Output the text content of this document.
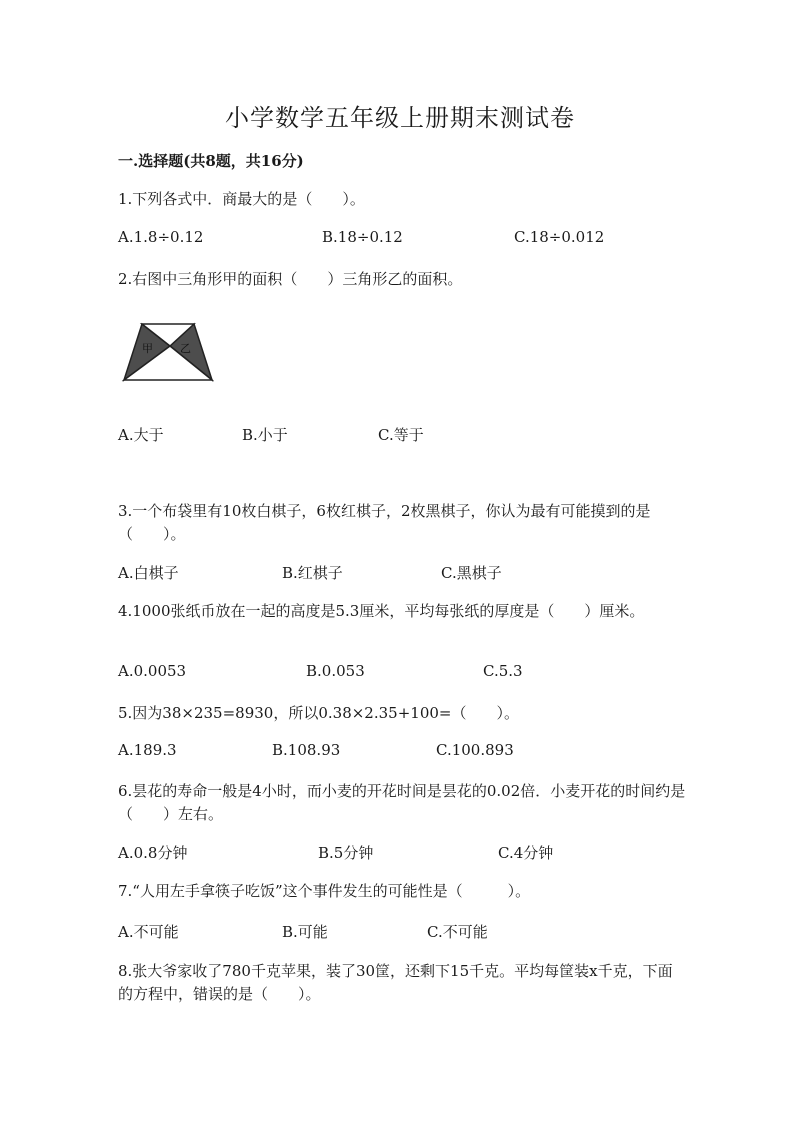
小学数学五年级上册期末测试卷
一.选择题(共8题，共16分)
1.下列各式中．商最大的是（　　）。
A.1.8÷0.12	B.18÷0.12	C.18÷0.012
2.右图中三角形甲的面积（　　）三角形乙的面积。
甲 乙
A.大于	B.小于	C.等于
3.一个布袋里有10枚白棋子，6枚红棋子，2枚黑棋子，你认为最有可能摸到的是（　　）。
A.白棋子	B.红棋子	C.黑棋子
4.1000张纸币放在一起的高度是5.3厘米，平均每张纸的厚度是（　　）厘米。
A.0.0053	B.0.053	C.5.3
5.因为38×235=8930，所以0.38×2.35+100=（　　）。
A.189.3	B.108.93	C.100.893
6.昙花的寿命一般是4小时，而小麦的开花时间是昙花的0.02倍．小麦开花的时间约是（　　）左右。
A.0.8分钟	B.5分钟	C.4分钟
7.“人用左手拿筷子吃饭”这个事件发生的可能性是（　　　）。
A.不可能	B.可能	C.不可能
8.张大爷家收了780千克苹果，装了30筐，还剩下15千克。平均每筐装x千克，下面的方程中，错误的是（　　）。
